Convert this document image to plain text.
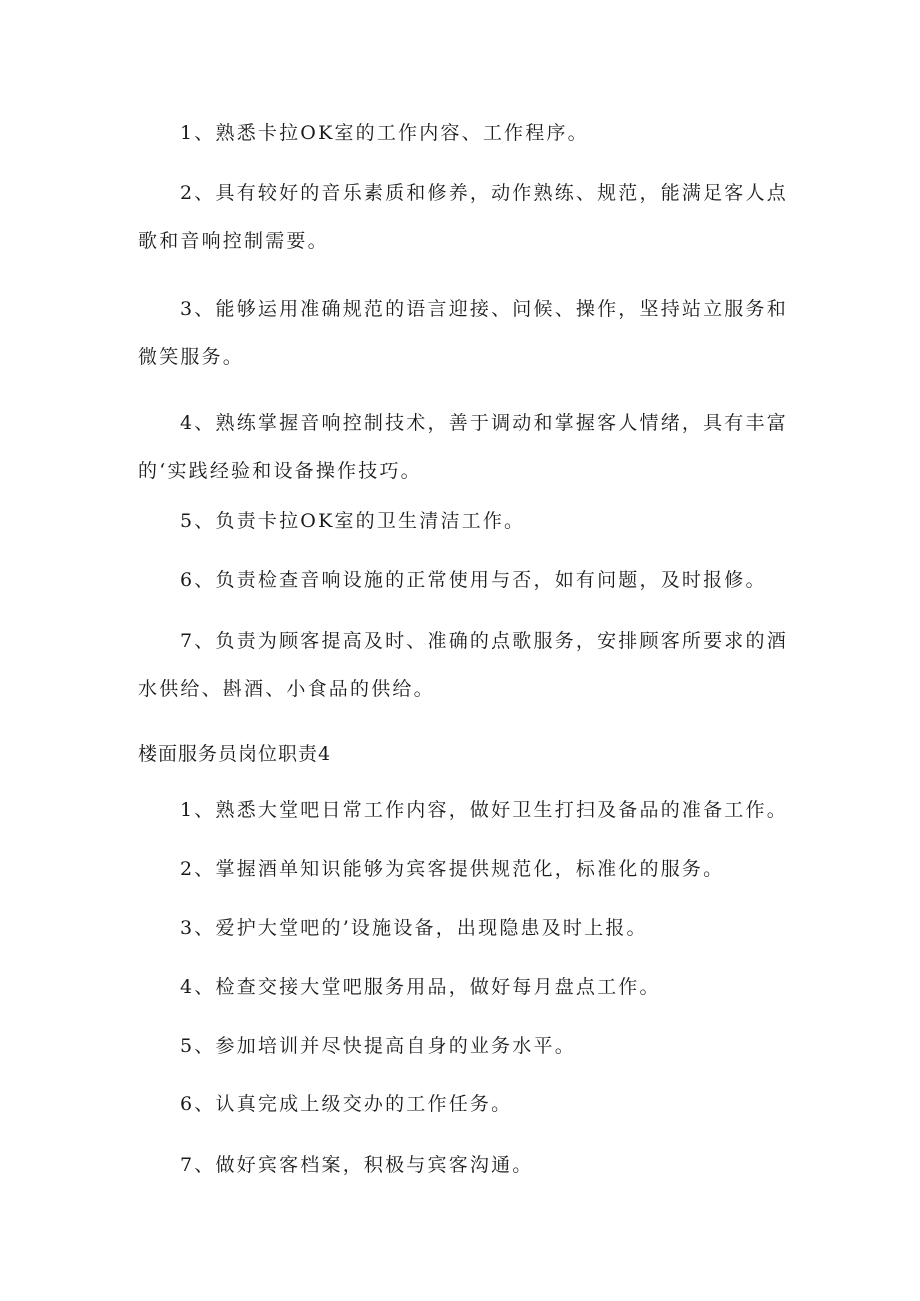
1、熟悉卡拉OK室的工作内容、工作程序。

2、具有较好的音乐素质和修养，动作熟练、规范，能满足客人点歌和音响控制需要。

3、能够运用准确规范的语言迎接、问候、操作，坚持站立服务和微笑服务。

4、熟练掌握音响控制技术，善于调动和掌握客人情绪，具有丰富的‘实践经验和设备操作技巧。

5、负责卡拉OK室的卫生清洁工作。

6、负责检查音响设施的正常使用与否，如有问题，及时报修。

7、负责为顾客提高及时、准确的点歌服务，安排顾客所要求的酒水供给、斟酒、小食品的供给。

楼面服务员岗位职责4

1、熟悉大堂吧日常工作内容，做好卫生打扫及备品的准备工作。

2、掌握酒单知识能够为宾客提供规范化，标准化的服务。

3、爱护大堂吧的’设施设备，出现隐患及时上报。

4、检查交接大堂吧服务用品，做好每月盘点工作。

5、参加培训并尽快提高自身的业务水平。

6、认真完成上级交办的工作任务。

7、做好宾客档案，积极与宾客沟通。
